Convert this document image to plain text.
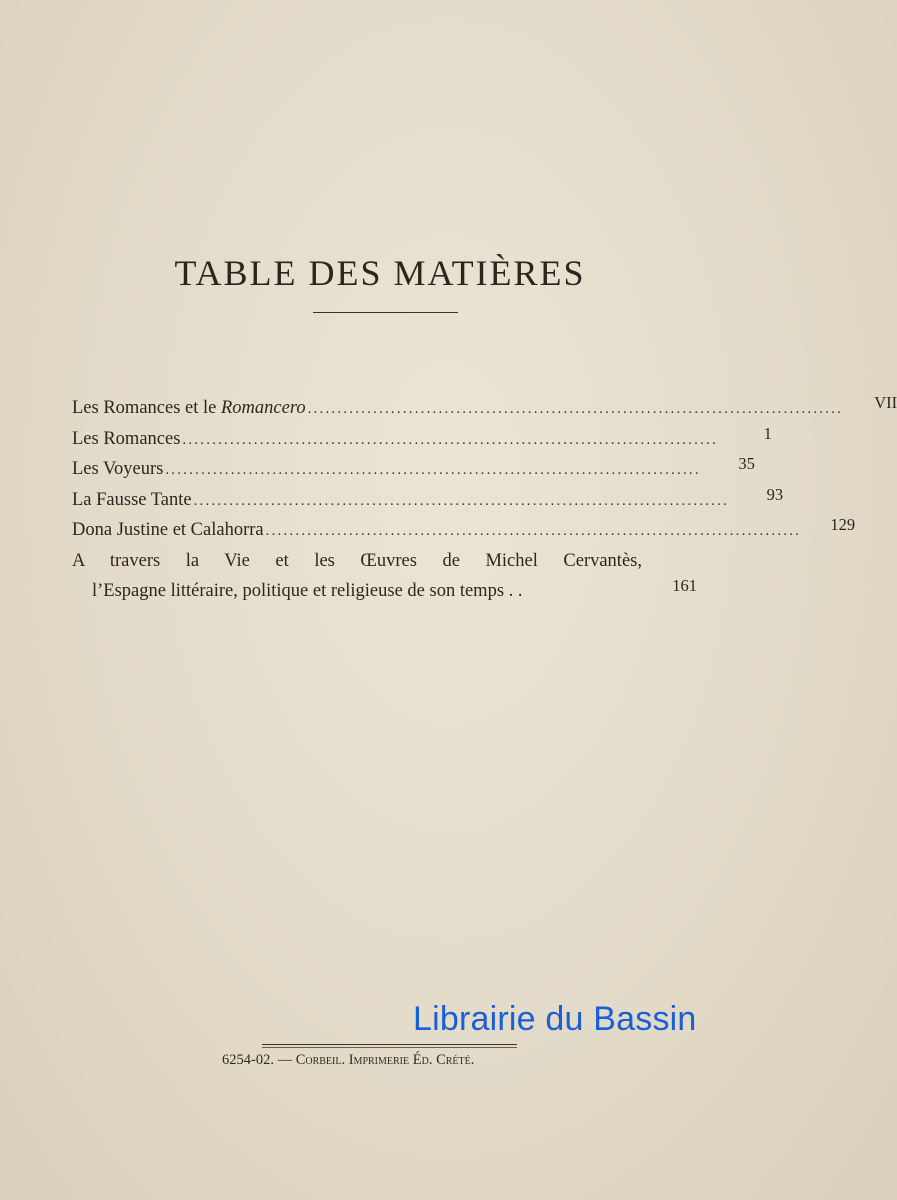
TABLE DES MATIÈRES
Les Romances et le Romancero ..........................................................................................	VII
Les Romances ..........................................................................................	1
Les Voyeurs ..........................................................................................	35
La Fausse Tante ..........................................................................................	93
Dona Justine et Calahorra ..........................................................................................	129
A travers la Vie et les Œuvres de Michel Cervantès,
l’Espagne littéraire, politique et religieuse de son temps . .	161
6254-02. — Corbeil. Imprimerie Éd. Crété.
Librairie du Bassin
